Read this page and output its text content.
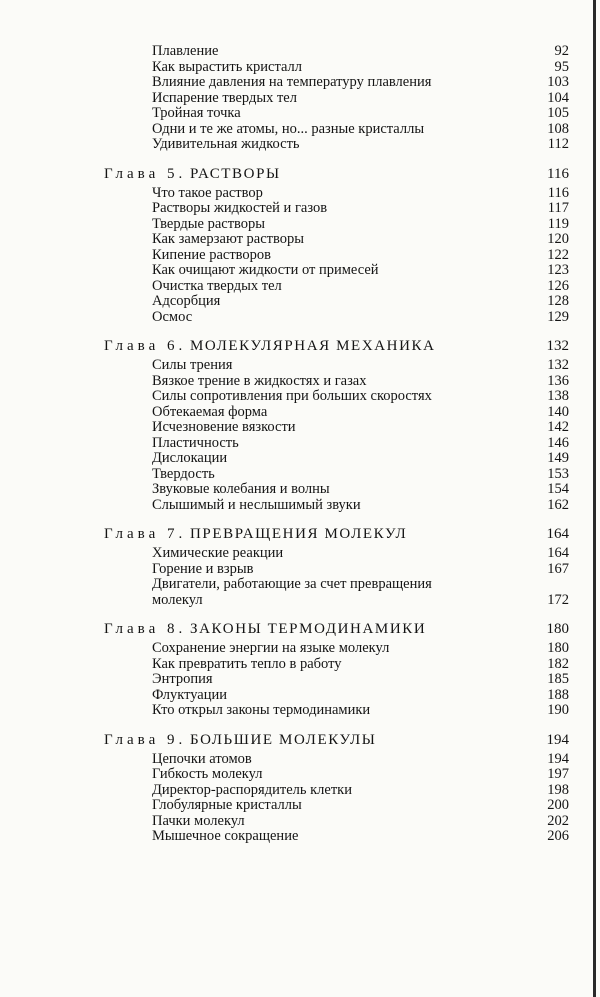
Плавление	92
Как вырастить кристалл	95
Влияние давления на температуру плавления	103
Испарение твердых тел	104
Тройная точка	105
Одни и те же атомы, но... разные кристаллы	108
Удивительная жидкость	112
Глава 5. РАСТВОРЫ	116
Что такое раствор	116
Растворы жидкостей и газов	117
Твердые растворы	119
Как замерзают растворы	120
Кипение растворов	122
Как очищают жидкости от примесей	123
Очистка твердых тел	126
Адсорбция	128
Осмос	129
Глава 6. МОЛЕКУЛЯРНАЯ МЕХАНИКА	132
Силы трения	132
Вязкое трение в жидкостях и газах	136
Силы сопротивления при больших скоростях	138
Обтекаемая форма	140
Исчезновение вязкости	142
Пластичность	146
Дислокации	149
Твердость	153
Звуковые колебания и волны	154
Слышимый и неслышимый звуки	162
Глава 7. ПРЕВРАЩЕНИЯ МОЛЕКУЛ	164
Химические реакции	164
Горение и взрыв	167
Двигатели, работающие за счет превращения
молекул	172
Глава 8. ЗАКОНЫ ТЕРМОДИНАМИКИ	180
Сохранение энергии на языке молекул	180
Как превратить тепло в работу	182
Энтропия	185
Флуктуации	188
Кто открыл законы термодинамики	190
Глава 9. БОЛЬШИЕ МОЛЕКУЛЫ	194
Цепочки атомов	194
Гибкость молекул	197
Директор-распорядитель клетки	198
Глобулярные кристаллы	200
Пачки молекул	202
Мышечное сокращение	206
